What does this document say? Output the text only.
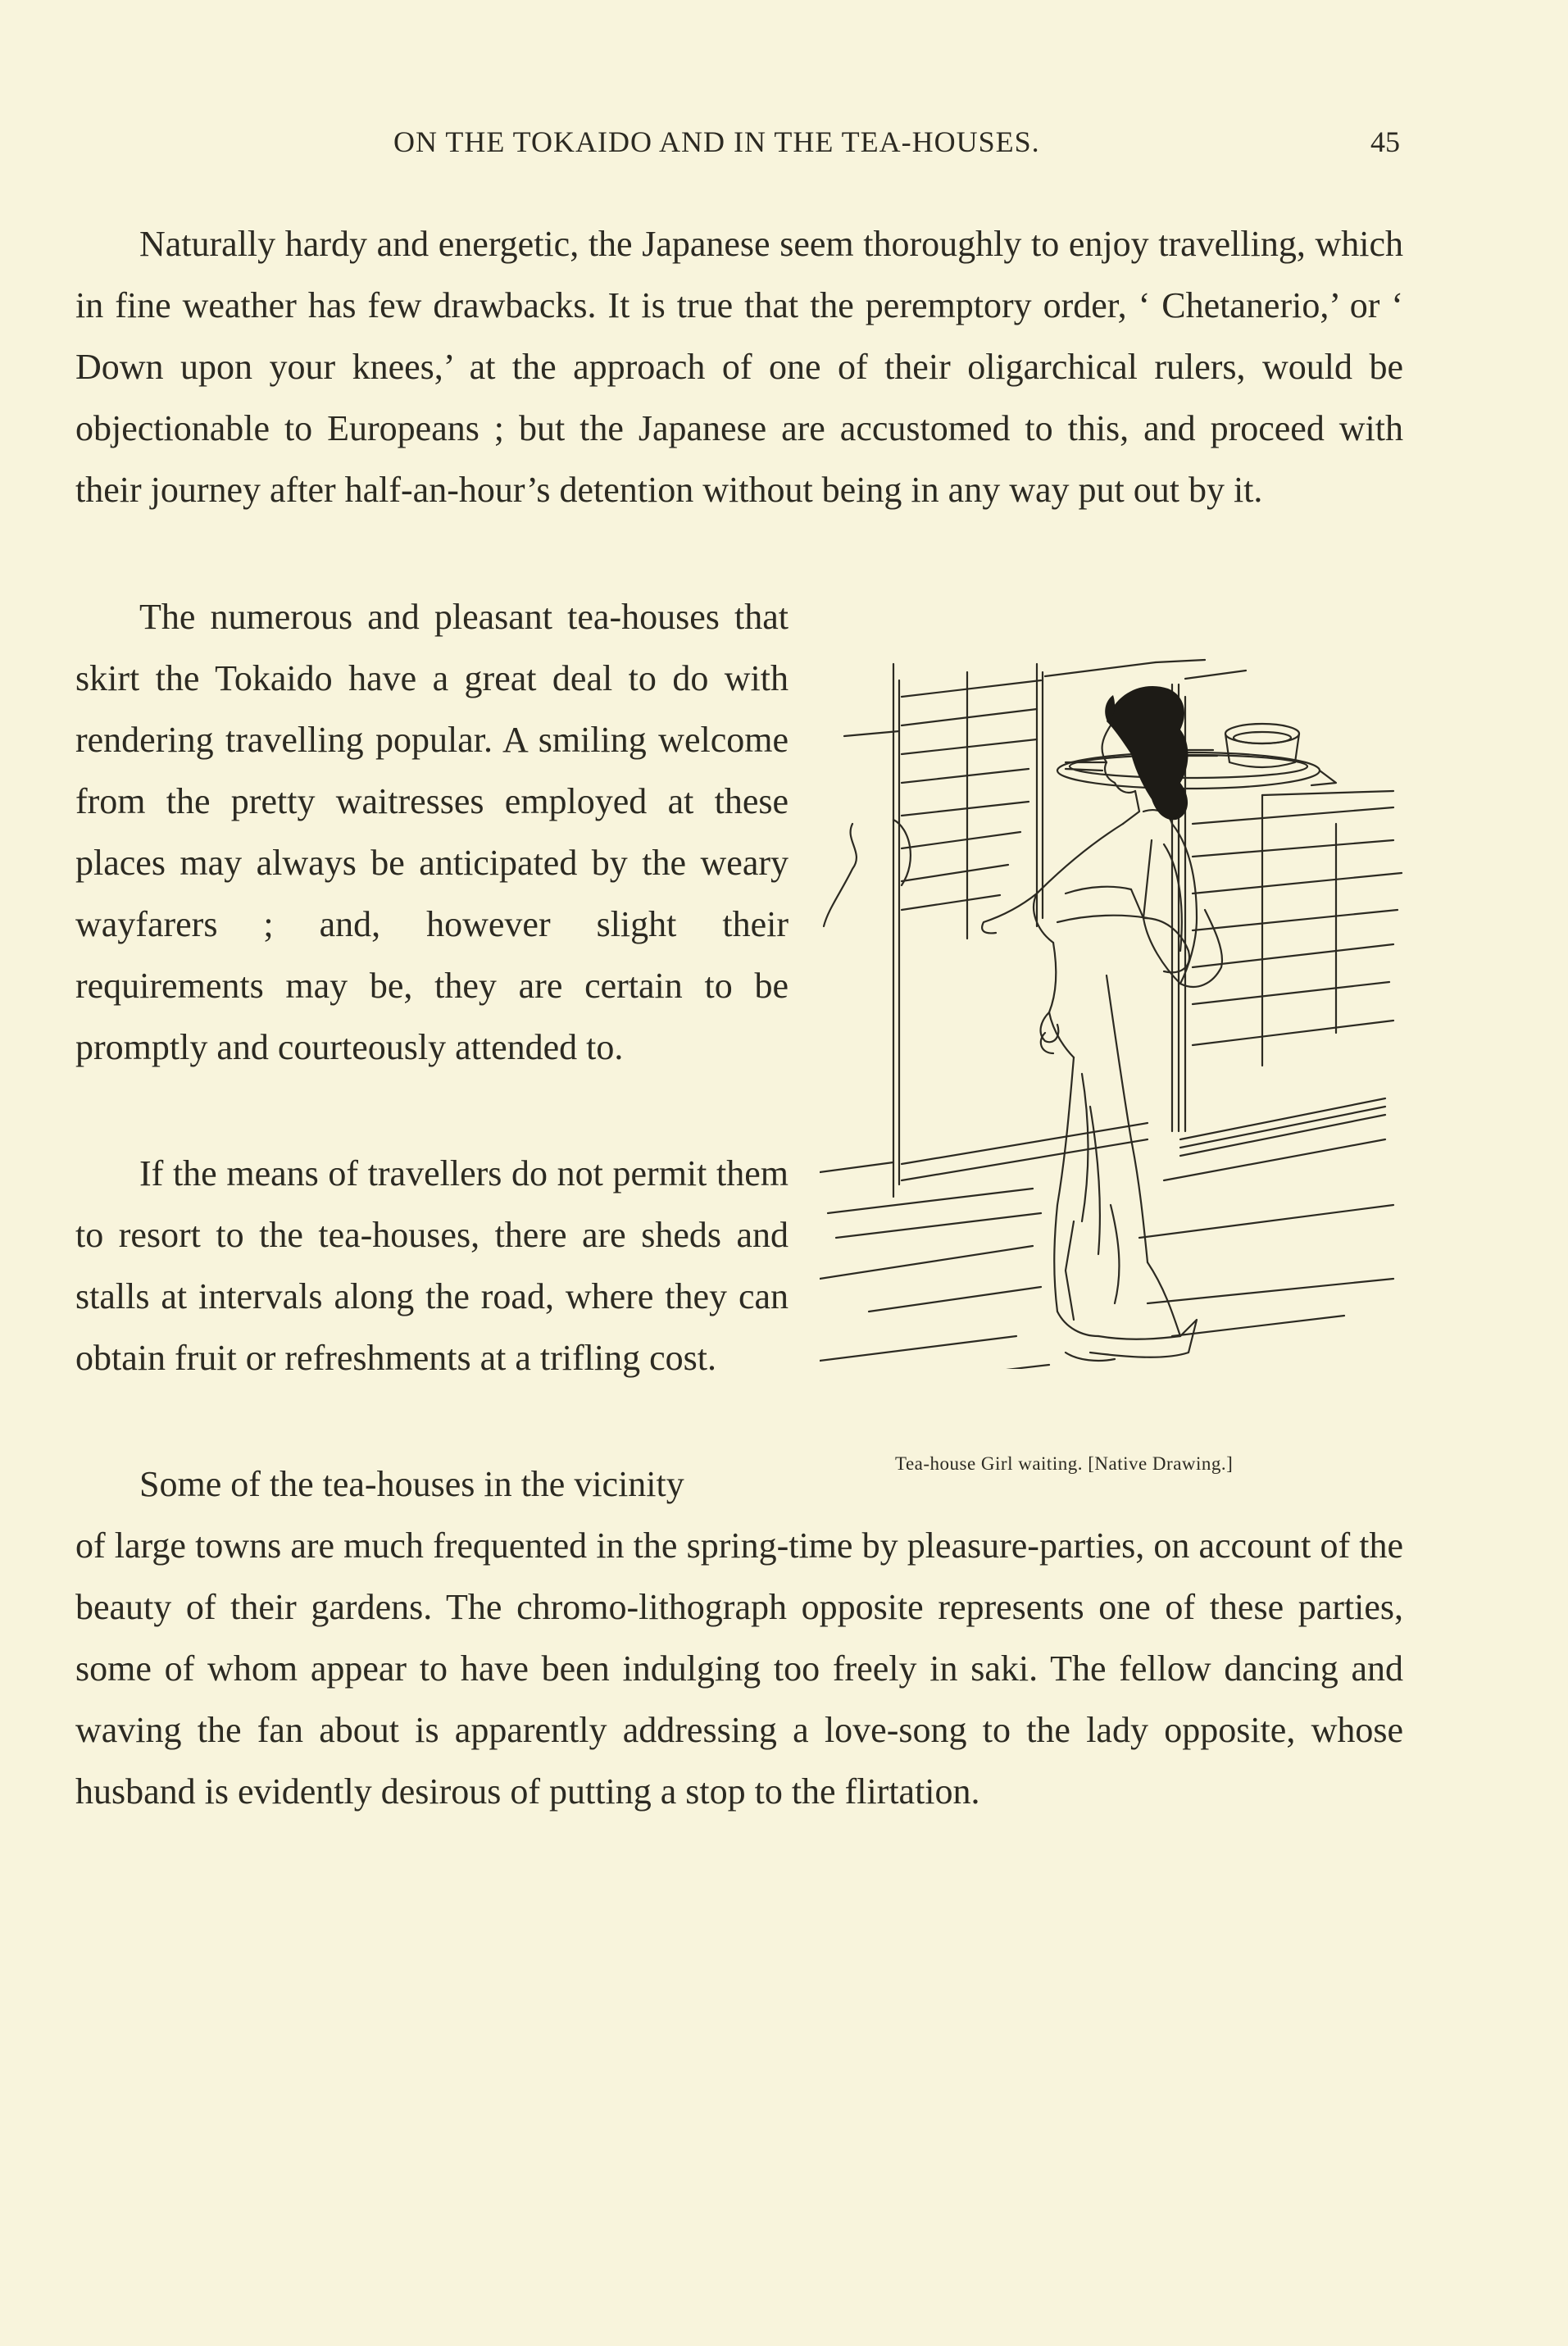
ON THE TOKAIDO AND IN THE TEA-HOUSES.	45

Naturally hardy and energetic, the Japanese seem thoroughly to enjoy travelling, which in fine weather has few drawbacks. It is true that the peremptory order, ‘ Chetanerio,’ or ‘ Down upon your knees,’ at the approach of one of their oligarchical rulers, would be objectionable to Europeans ; but the Japanese are accustomed to this, and proceed with their journey after half-an-hour’s detention without being in any way put out by it.

The numerous and pleasant tea-houses that skirt the Tokaido have a great deal to do with rendering travelling popular. A smiling welcome from the pretty waitresses employed at these places may always be anticipated by the weary wayfarers ; and, however slight their requirements may be, they are certain to be promptly and courteously attended to.

If the means of travellers do not permit them to resort to the tea-houses, there are sheds and stalls at intervals along the road, where they can obtain fruit or refreshments at a trifling cost.

Some of the tea-houses in the vicinity

of large towns are much frequented in the spring-time by pleasure-parties, on account of the beauty of their gardens. The chromo-lithograph opposite represents one of these parties, some of whom appear to have been indulging too freely in saki. The fellow dancing and waving the fan about is apparently addressing a love-song to the lady opposite, whose husband is evidently desirous of putting a stop to the flirtation.

Tea-house Girl waiting. [Native Drawing.]
